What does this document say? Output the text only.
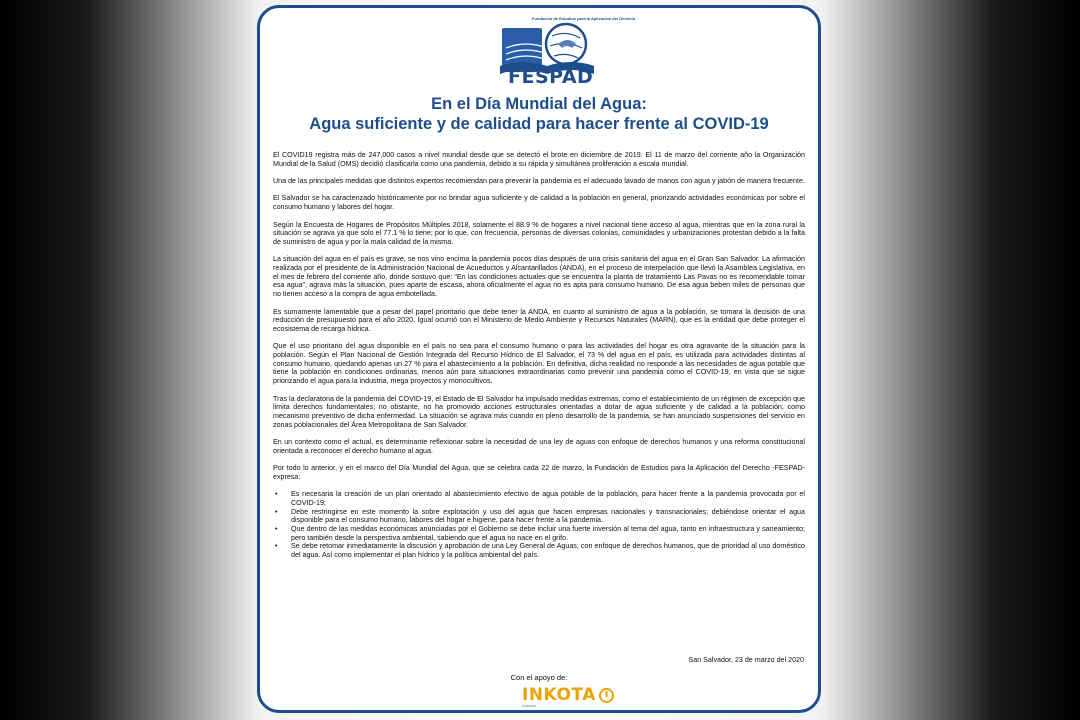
Fundación de Estudios para la Aplicación del Derecho
FESPAD
En el Día Mundial del Agua:
Agua suficiente y de calidad para hacer frente al COVID-19

El COVID19 registra más de 247,000 casos a nivel mundial desde que se detectó el brote en diciembre de 2019. El 11 de marzo del corriente año la Organización Mundial de la Salud (OMS) decidió clasificarla como una pandemia, debido a su rápida y simultánea proliferación a escala mundial.

Una de las principales medidas que distintos expertos recomiendan para prevenir la pandemia es el adecuado lavado de manos con agua y jabón de manera frecuente.

El Salvador se ha caracterizado históricamente por no brindar agua suficiente y de calidad a la población en general, priorizando actividades económicas por sobre el consumo humano y labores del hogar.

Según la Encuesta de Hogares de Propósitos Múltiples 2018, solamente el 88.9 % de hogares a nivel nacional tiene acceso al agua, mientras que en la zona rural la situación se agrava ya que solo el 77.1 % lo tiene; por lo que, con frecuencia, personas de diversas colonias, comunidades y urbanizaciones protestan debido a la falta de suministro de agua y por la mala calidad de la misma.

La situación del agua en el país es grave, se nos vino encima la pandemia pocos días después de una crisis sanitaria del agua en el Gran San Salvador. La afirmación realizada por el presidente de la Administración Nacional de Acueductos y Alcantarillados (ANDA), en el proceso de interpelación que llevó la Asamblea Legislativa, en el mes de febrero del corriente año, donde sostuvo que: “En las condiciones actuales que se encuentra la planta de tratamiento Las Pavas no es recomendable tomar esa agua”, agrava más la situación, pues aparte de escasa, ahora oficialmente el agua no es apta para consumo humano. De esa agua beben miles de personas que no tienen acceso a la compra de agua embotellada.

Es sumamente lamentable que a pesar del papel prioritario que debe tener la ANDA, en cuanto al suministro de agua a la población, se tomara la decisión de una reducción de presupuesto para el año 2020. Igual ocurrió con el Ministerio de Medio Ambiente y Recursos Naturales (MARN), que es la entidad que debe proteger el ecosistema de recarga hídrica.

Que el uso prioritario del agua disponible en el país no sea para el consumo humano o para las actividades del hogar es otra agravante de la situación para la población. Según el Plan Nacional de Gestión Integrada del Recurso Hídrico de El Salvador, el 73 % del agua en el país, es utilizada para actividades distintas al consumo humano, quedando apenas un 27 % para el abastecimiento a la población. En definitiva, dicha realidad no responde a las necesidades de agua potable que tiene la población en condiciones ordinarias, menos aún para situaciones extraordinarias como prevenir una pandemia como el COVID-19, en vista que se sigue priorizando el agua para la industria, mega proyectos y monocultivos.

Tras la declaratoria de la pandemia del COVID-19, el Estado de El Salvador ha impulsado medidas extremas, como el establecimiento de un régimen de excepción que limita derechos fundamentales; no obstante, no ha promovido acciones estructurales orientadas a dotar de agua suficiente y de calidad a la población, como mecanismo preventivo de dicha enfermedad. La situación se agrava más cuando en pleno desarrollo de la pandemia, se han anunciado suspensiones del servicio en zonas poblacionales del Área Metropolitana de San Salvador.

En un contexto como el actual, es determinante reflexionar sobre la necesidad de una ley de aguas con enfoque de derechos humanos y una reforma constitucional orientada a reconocer el derecho humano al agua.

Por todo lo anterior, y en el marco del Día Mundial del Agua, que se celebra cada 22 de marzo, la Fundación de Estudios para la Aplicación del Derecho -FESPAD- expresa:

• Es necesaria la creación de un plan orientado al abastecimiento efectivo de agua potable de la población, para hacer frente a la pandemia provocada por el COVID-19;
• Debe restringirse en este momento la sobre explotación y uso del agua que hacen empresas nacionales y transnacionales; debiéndose orientar el agua disponible para el consumo humano, labores del hogar e higiene, para hacer frente a la pandemia.
• Que dentro de las medidas económicas anunciadas por el Gobierno se debe incluir una fuerte inversión al tema del agua, tanto en infraestructura y saneamiento; pero también desde la perspectiva ambiental, sabiendo que el agua no nace en el grifo.
• Se debe retomar inmediatamente la discusión y aprobación de una Ley General de Aguas, con enfoque de derechos humanos, que de prioridad al uso doméstico del agua. Así como implementar el plan hídrico y la política ambiental del país.
San Salvador, 23 de marzo del 2020
Con el apoyo de:
INKOTA
netzwerk
